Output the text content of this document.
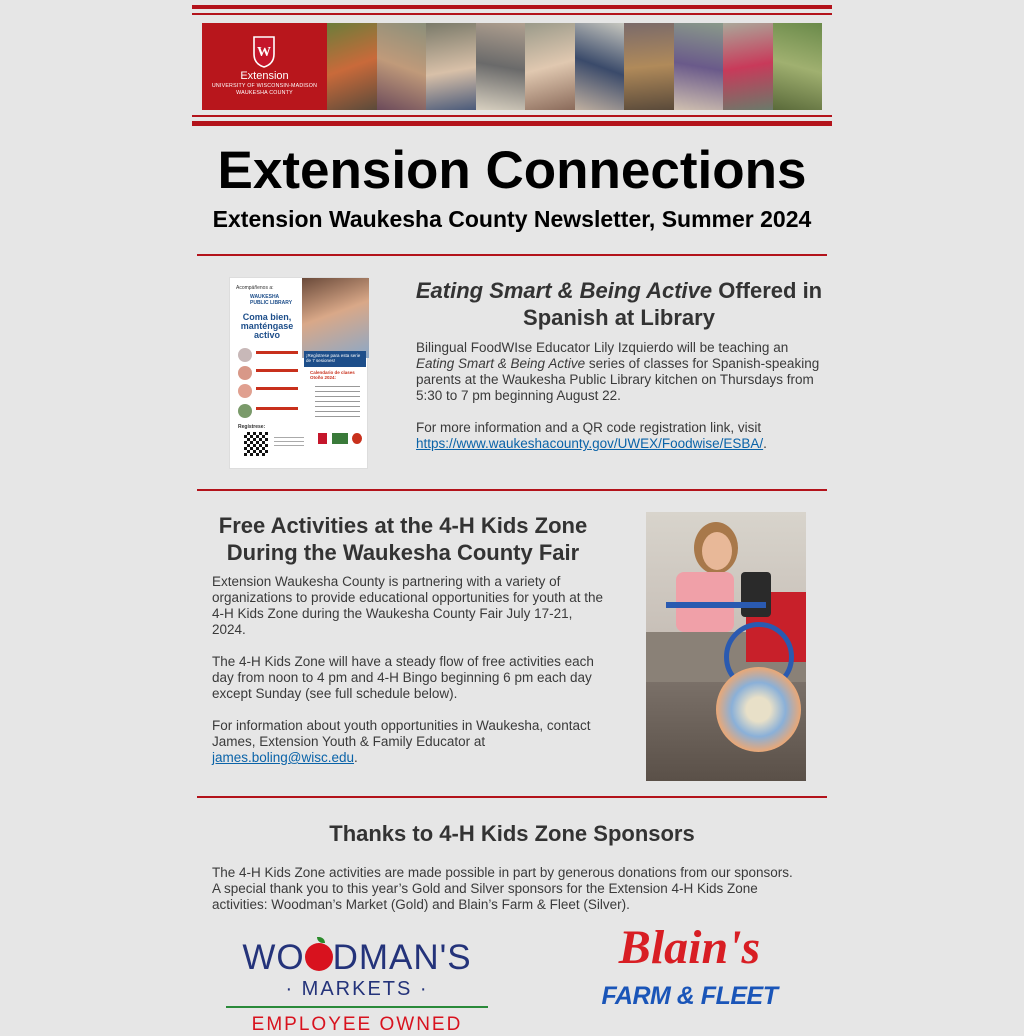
W
Extension
UNIVERSITY OF WISCONSIN-MADISON
WAUKESHA COUNTY
Extension Connections
Extension Waukesha County Newsletter, Summer 2024
Acompáñenos a:
WAUKESHA PUBLIC LIBRARY
Coma bien, manténgase activo
¡Regístrese para esta serie de 7 sesiones!
Calendario de clases Otoño 2024:
Regístrese:
Eating Smart & Being Active Offered in Spanish at Library

Bilingual FoodWIse Educator Lily Izquierdo will be teaching an Eating Smart & Being Active series of classes for Spanish-speaking parents at the Waukesha Public Library kitchen on Thursdays from 5:30 to 7 pm beginning August 22.

For more information and a QR code registration link, visit https://www.waukeshacounty.gov/UWEX/Foodwise/ESBA/.

Free Activities at the 4-H Kids Zone During the Waukesha County Fair

Extension Waukesha County is partnering with a variety of organizations to provide educational opportunities for youth at the 4-H Kids Zone during the Waukesha County Fair July 17-21, 2024.

The 4-H Kids Zone will have a steady flow of free activities each day from noon to 4 pm and 4-H Bingo beginning 6 pm each day except Sunday (see full schedule below).

For information about youth opportunities in Waukesha, contact James, Extension Youth & Family Educator at james.boling@wisc.edu.

Thanks to 4-H Kids Zone Sponsors

The 4-H Kids Zone activities are made possible in part by generous donations from our sponsors. A special thank you to this year’s Gold and Silver sponsors for the Extension 4-H Kids Zone activities: Woodman’s Market (Gold) and Blain’s Farm & Fleet (Silver).

WO DMAN'S
· MARKETS ·
EMPLOYEE OWNED
Blain's
FARM & FLEET
